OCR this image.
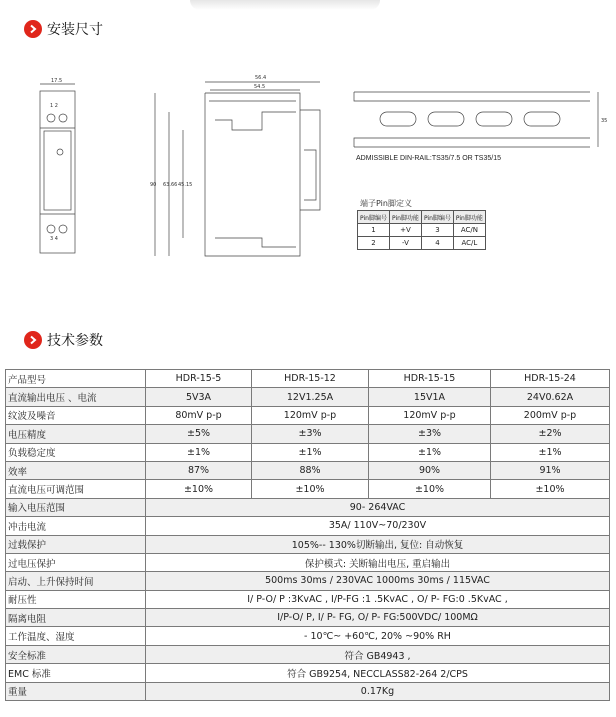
安装尺寸
17.5
1 2
3 4
56.4
54.5
90 63.66 45.15
35
ADMISSIBLE DIN-RAIL:TS35/7.5 OR TS35/15
端子Pin脚定义
Pin脚编号	Pin脚功能	Pin脚编号	Pin脚功能
1	+V	3	AC/N
2	-V	4	AC/L
技术参数
产品型号	HDR-15-5	HDR-15-12	HDR-15-15	HDR-15-24
直流输出电压 、电流	5V3A	12V1.25A	15V1A	24V0.62A
纹波及噪音	80mV p-p	120mV p-p	120mV p-p	200mV p-p
电压精度	±5%	±3%	±3%	±2%
负载稳定度	±1%	±1%	±1%	±1%
效率	87%	88%	90%	91%
直流电压可调范围	±10%	±10%	±10%	±10%
输入电压范围	90- 264VAC			
冲击电流	35A/ 110V~70/230V			
过载保护	105%-- 130%切断输出, 复位: 自动恢复			
过电压保护	保护模式: 关断输出电压, 重启输出			
启动、上升保持时间	500ms 30ms / 230VAC 1000ms 30ms / 115VAC			
耐压性	I/ P-O/ P :3KvAC , I/P-FG :1 .5KvAC , O/ P- FG:0 .5KvAC ,			
隔离电阻	I/P-O/ P, I/ P- FG, O/ P- FG:500VDC/ 100MΩ			
工作温度、湿度	- 10℃~ +60℃, 20% ~90% RH			
安全标准	符合 GB4943 ,			
EMC 标准	符合 GB9254, NECCLASS82-264 2/CPS			
重量	0.17Kg			
